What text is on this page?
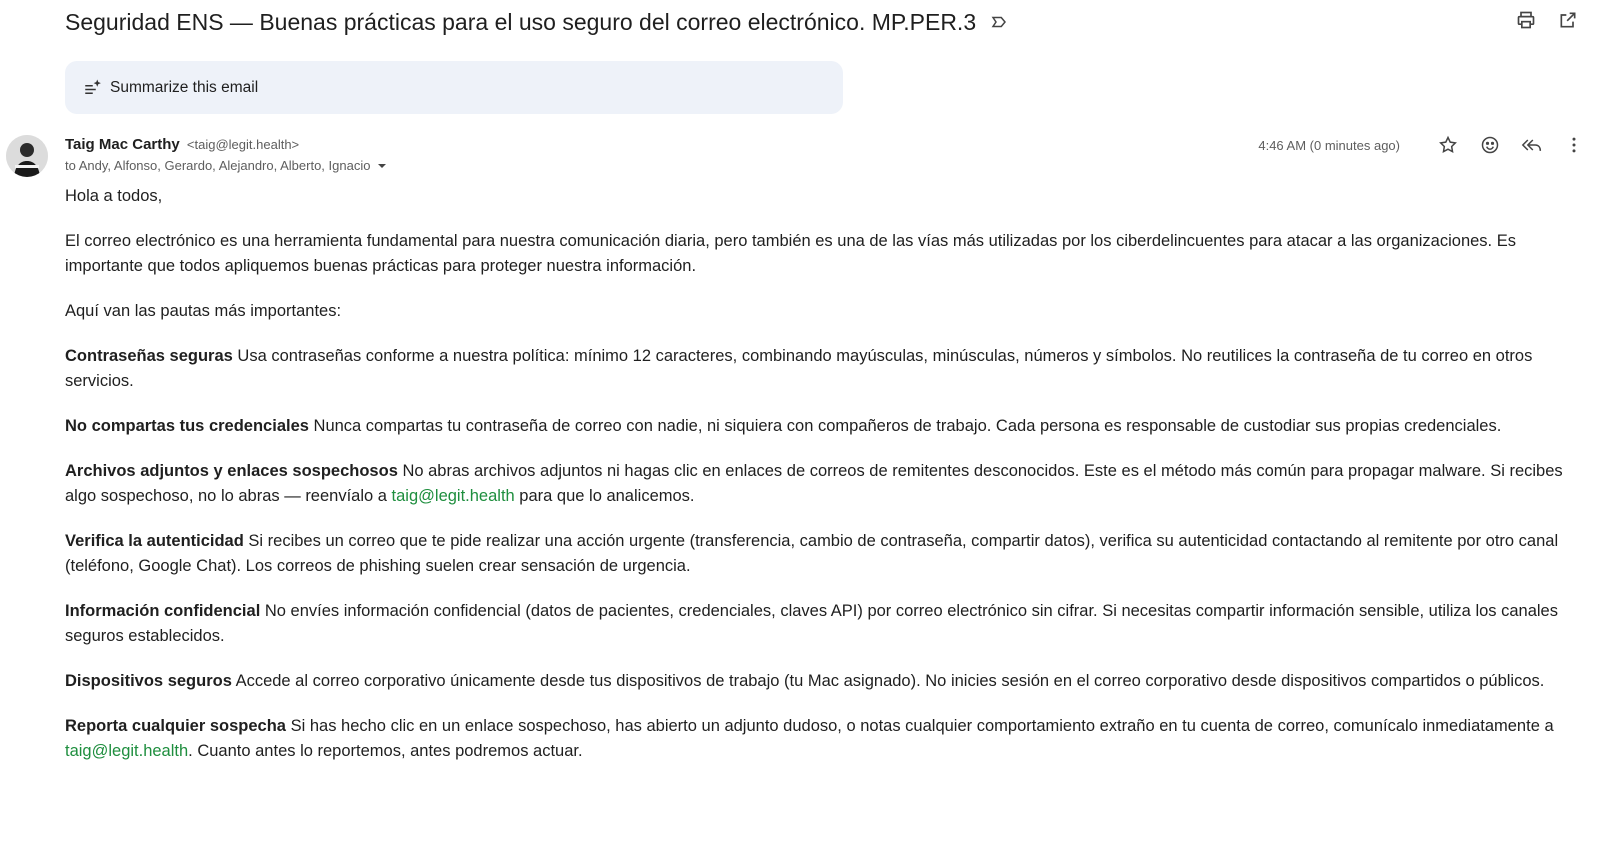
Seguridad ENS — Buenas prácticas para el uso seguro del correo electrónico. MP.PER.3
Summarize this email
Taig Mac Carthy <taig@legit.health>
to Andy, Alfonso, Gerardo, Alejandro, Alberto, Ignacio
4:46 AM (0 minutes ago)

Hola a todos,

El correo electrónico es una herramienta fundamental para nuestra comunicación diaria, pero también es una de las vías más utilizadas por los ciberdelincuentes para atacar a las organizaciones. Es importante que todos apliquemos buenas prácticas para proteger nuestra información.

Aquí van las pautas más importantes:

Contraseñas seguras Usa contraseñas conforme a nuestra política: mínimo 12 caracteres, combinando mayúsculas, minúsculas, números y símbolos. No reutilices la contraseña de tu correo en otros servicios.

No compartas tus credenciales Nunca compartas tu contraseña de correo con nadie, ni siquiera con compañeros de trabajo. Cada persona es responsable de custodiar sus propias credenciales.

Archivos adjuntos y enlaces sospechosos No abras archivos adjuntos ni hagas clic en enlaces de correos de remitentes desconocidos. Este es el método más común para propagar malware. Si recibes algo sospechoso, no lo abras — reenvíalo a taig@legit.health para que lo analicemos.

Verifica la autenticidad Si recibes un correo que te pide realizar una acción urgente (transferencia, cambio de contraseña, compartir datos), verifica su autenticidad contactando al remitente por otro canal (teléfono, Google Chat). Los correos de phishing suelen crear sensación de urgencia.

Información confidencial No envíes información confidencial (datos de pacientes, credenciales, claves API) por correo electrónico sin cifrar. Si necesitas compartir información sensible, utiliza los canales seguros establecidos.

Dispositivos seguros Accede al correo corporativo únicamente desde tus dispositivos de trabajo (tu Mac asignado). No inicies sesión en el correo corporativo desde dispositivos compartidos o públicos.

Reporta cualquier sospecha Si has hecho clic en un enlace sospechoso, has abierto un adjunto dudoso, o notas cualquier comportamiento extraño en tu cuenta de correo, comunícalo inmediatamente a taig@legit.health. Cuanto antes lo reportemos, antes podremos actuar.
